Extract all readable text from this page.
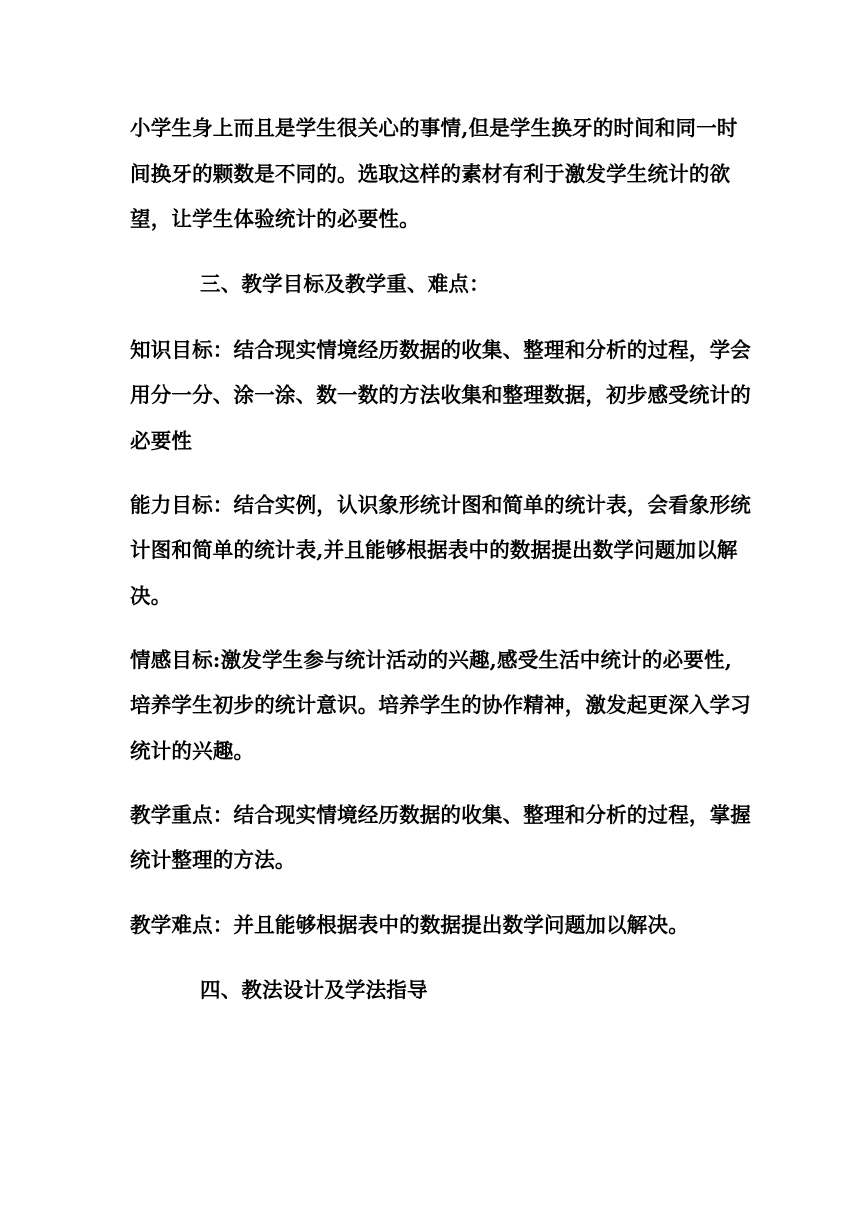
小学生身上而且是学生很关心的事情,但是学生换牙的时间和同一时
间换牙的颗数是不同的。选取这样的素材有利于激发学生统计的欲
望，让学生体验统计的必要性。
三、教学目标及教学重、难点：
知识目标：结合现实情境经历数据的收集、整理和分析的过程，学会
用分一分、涂一涂、数一数的方法收集和整理数据，初步感受统计的
必要性
能力目标：结合实例，认识象形统计图和简单的统计表，会看象形统
计图和简单的统计表,并且能够根据表中的数据提出数学问题加以解
决。
情感目标:激发学生参与统计活动的兴趣,感受生活中统计的必要性,
培养学生初步的统计意识。培养学生的协作精神，激发起更深入学习
统计的兴趣。
教学重点：结合现实情境经历数据的收集、整理和分析的过程，掌握
统计整理的方法。
教学难点：并且能够根据表中的数据提出数学问题加以解决。
四、教法设计及学法指导
